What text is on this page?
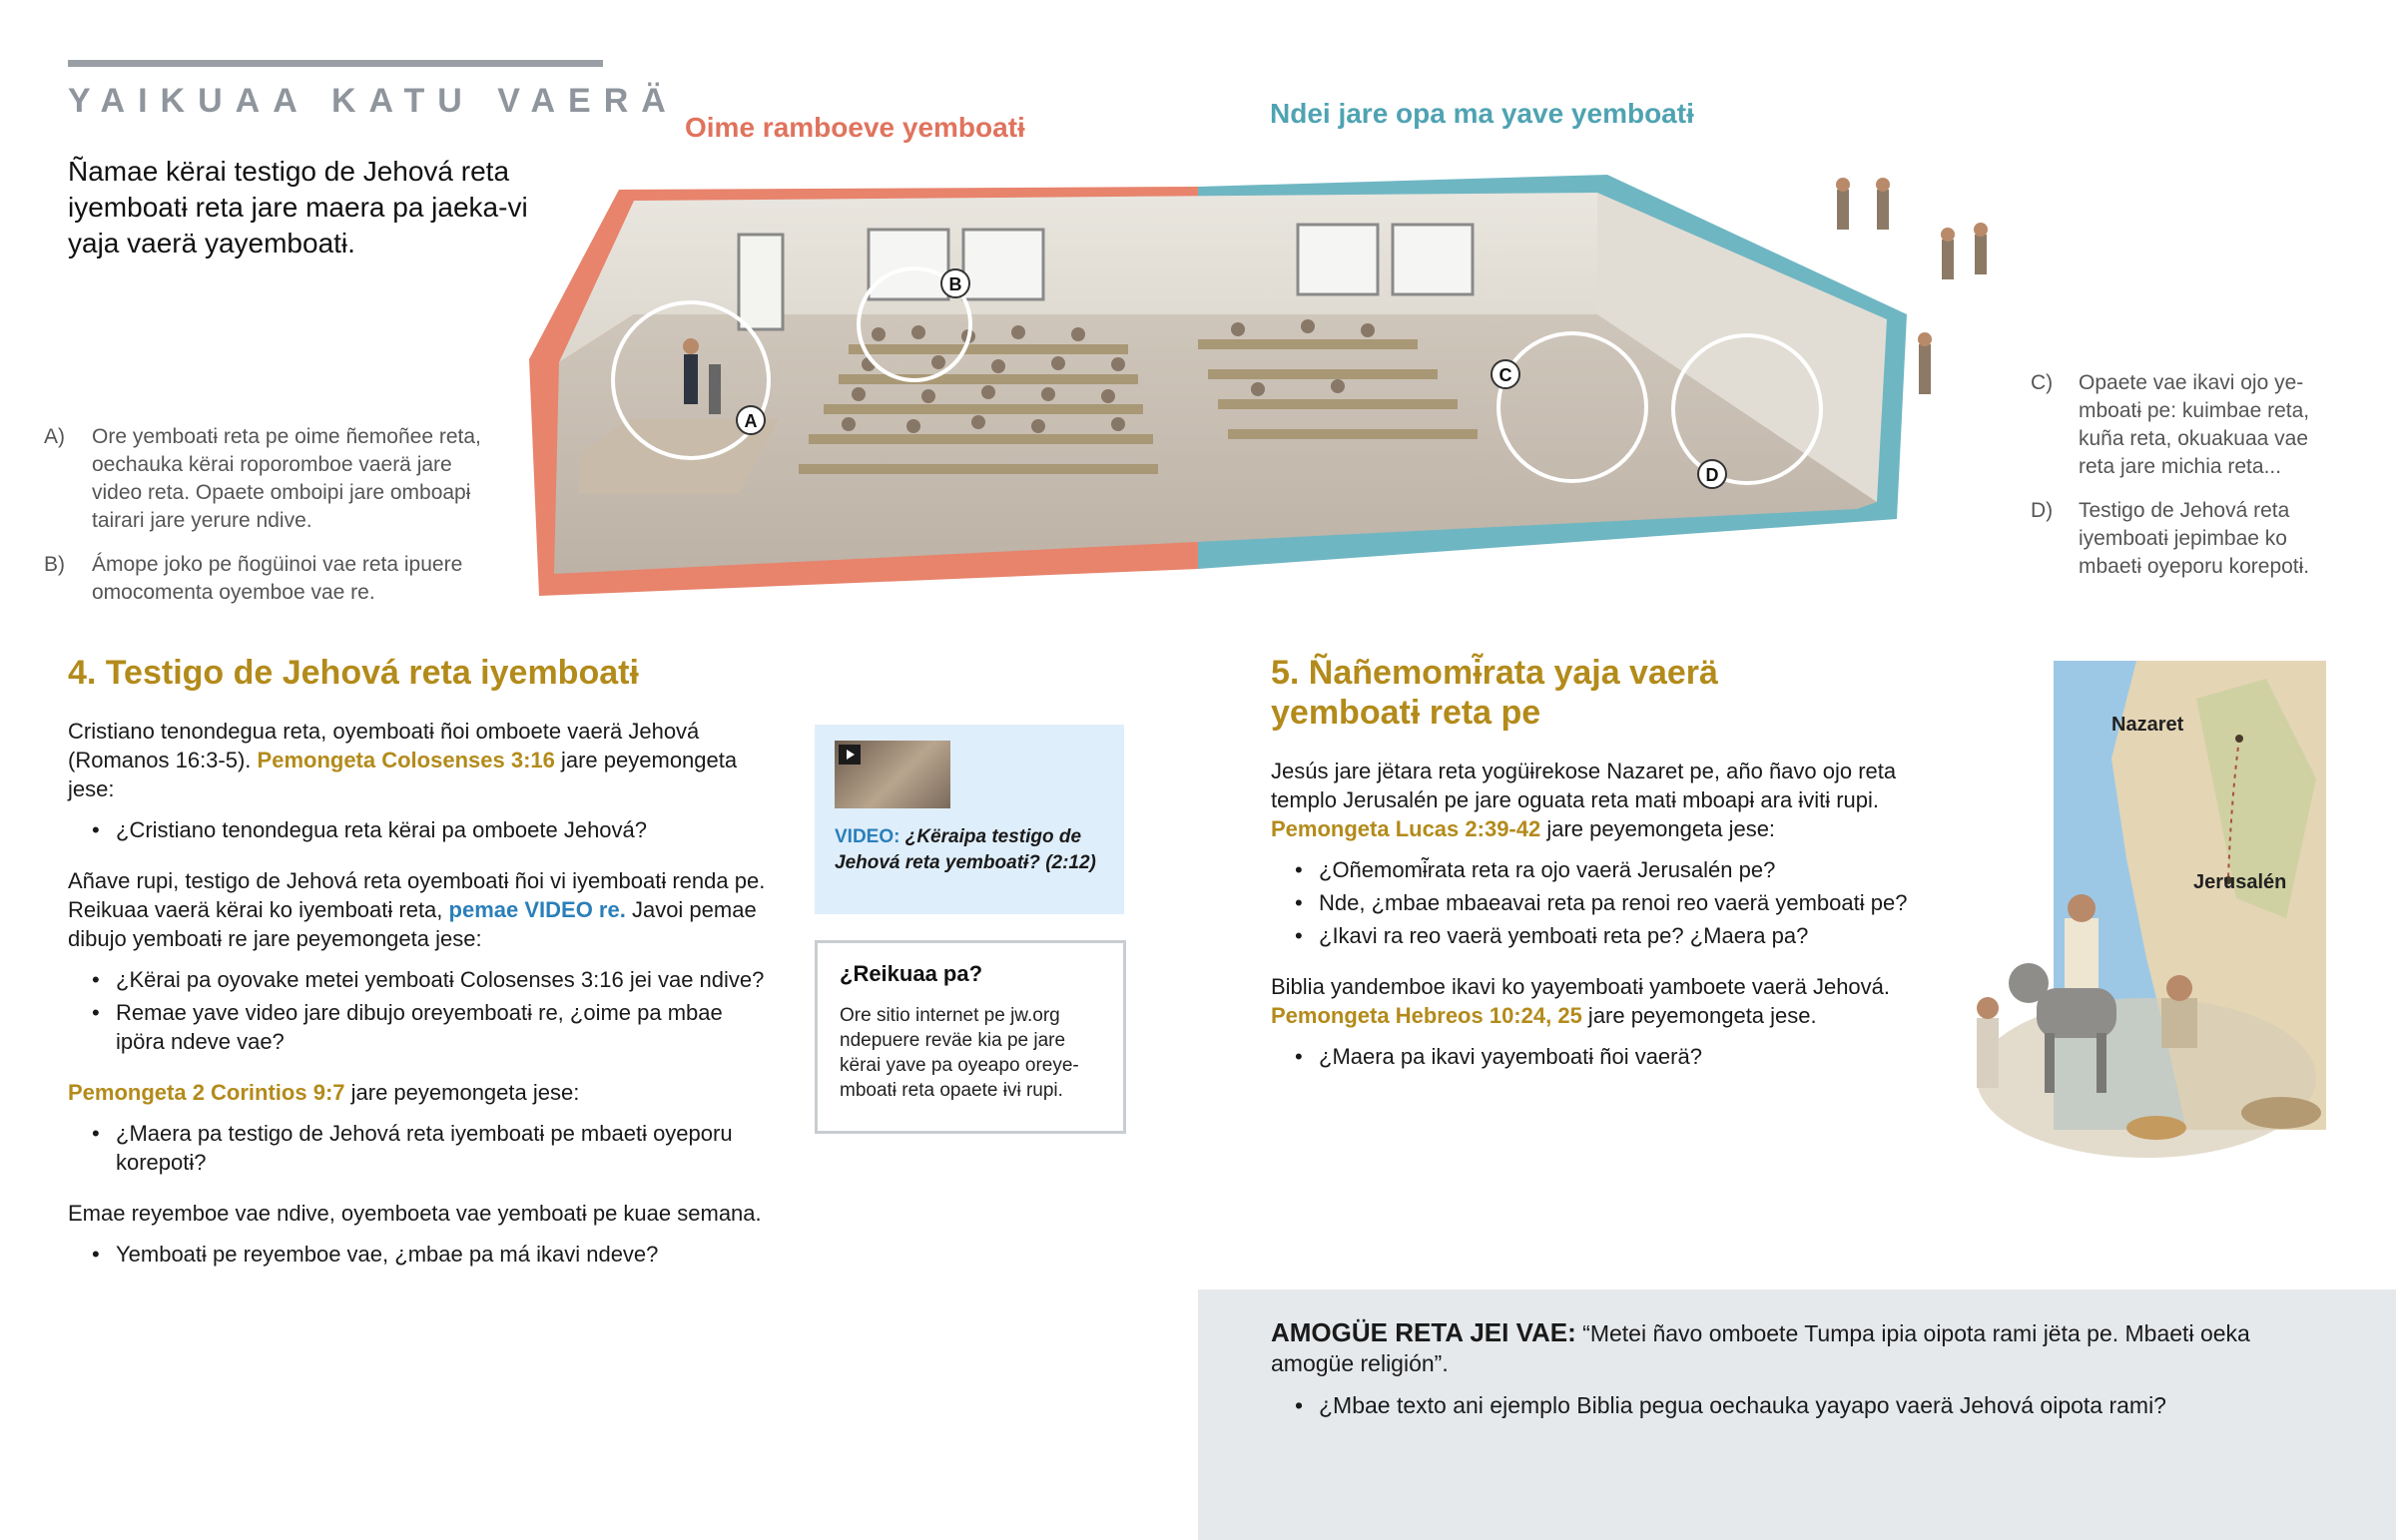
YAIKUAA KATU VAERÄ
Ñamae kërai testigo de Jehová reta iyemboatɨ reta jare maera pa jaeka-vi yaja vaerä yayemboatɨ.
Oime ramboeve yemboatɨ	Ndei jare opa ma yave yemboatɨ

A) Ore yemboatɨ reta pe oime ñemoñee reta, oechauka kërai roporomboe vaerä jare video reta. Opaete omboipi jare omboapɨ tairari jare yerure ndive.

B) Ámope joko pe ñogüinoi vae reta ipuere omocomenta oyemboe vae re.

C) Opaete vae ikavi ojo ye-mboatɨ pe: kuimbae reta, kuña reta, okuakuaa vae reta jare michia reta...

D) Testigo de Jehová reta iyemboatɨ jepimbae ko mbaetɨ oyeporu korepotɨ.

A
B
C
D
4. Testigo de Jehová reta iyemboatɨ

Cristiano tenondegua reta, oyemboatɨ ñoi omboete vaerä Jehová (Romanos 16:3-5). Pemongeta Colosenses 3:16 jare peyemongeta jese:

• ¿Cristiano tenondegua reta kërai pa omboete Jehová?

Añave rupi, testigo de Jehová reta oyemboatɨ ñoi vi iyemboatɨ renda pe. Reikuaa vaerä kërai ko iyemboatɨ reta, pemae VIDEO re. Javoi pemae dibujo yemboatɨ re jare peyemongeta jese:

• ¿Kërai pa oyovake metei yemboatɨ Colosenses 3:16 jei vae ndive?
• Remae yave video jare dibujo oreyemboatɨ re, ¿oime pa mbae ipöra ndeve vae?

Pemongeta 2 Corintios 9:7 jare peyemongeta jese:

• ¿Maera pa testigo de Jehová reta iyemboatɨ pe mbaetɨ oyeporu korepotɨ?

Emae reyemboe vae ndive, oyemboeta vae yemboatɨ pe kuae semana.

• Yemboatɨ pe reyemboe vae, ¿mbae pa má ikavi ndeve?
VIDEO: ¿Këraipa testigo de Jehová reta yemboatɨ? (2:12)
¿Reikuaa pa?
Ore sitio internet pe jw.org ndepuere reväe kia pe jare kërai yave pa oyeapo oreye-mboatɨ reta opaete ɨvɨ rupi.
5. Ñañemomɨ̃rata yaja vaerä
yemboatɨ reta pe

Jesús jare jëtara reta yogüɨrekose Nazaret pe, año ñavo ojo reta templo Jerusalén pe jare oguata reta matɨ mboapɨ ara ɨvitɨ rupi. Pemongeta Lucas 2:39-42 jare peyemongeta jese:

• ¿Oñemomɨ̃rata reta ra ojo vaerä Jerusalén pe?
• Nde, ¿mbae mbaeavai reta pa renoi reo vaerä yemboatɨ pe?
• ¿Ikavi ra reo vaerä yemboatɨ reta pe? ¿Maera pa?

Biblia yandemboe ikavi ko yayemboatɨ yamboete vaerä Jehová. Pemongeta Hebreos 10:24, 25 jare peyemongeta jese.

• ¿Maera pa ikavi yayemboatɨ ñoi vaerä?
Nazaret
Jerusalén
AMOGÜE RETA JEI VAE: “Metei ñavo omboete Tumpa ipia oipota rami jëta pe. Mbaetɨ oeka amogüe religión”.
• ¿Mbae texto ani ejemplo Biblia pegua oechauka yayapo vaerä Jehová oipota rami?
